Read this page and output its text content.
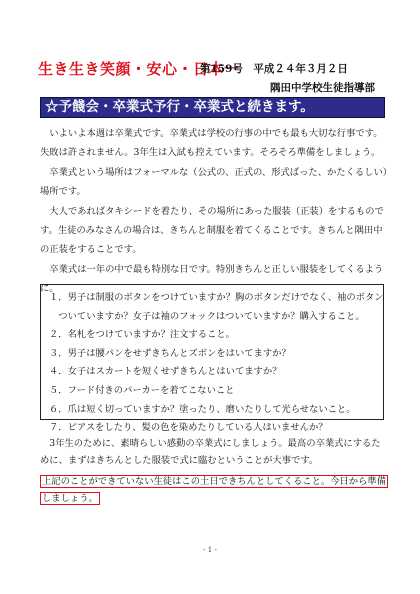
生き生き笑顔・安心・日本一
第159号　平成２４年３月２日
隅田中学校生徒指導部
☆予餞会・卒業式予行・卒業式と続きます。

いよいよ本週は卒業式です。卒業式は学校の行事の中でも最も大切な行事です。失敗は許されません。3年生は入試も控えています。そろそろ準備をしましょう。

卒業式という場所はフォーマルな（公式の、正式の、形式ばった、かたくるしい）場所です。

大人であればタキシードを着たり、その場所にあった服装（正装）をするものです。生徒のみなさんの場合は、きちんと制服を着てくることです。きちんと隅田中の正装をすることです。

卒業式は一年の中で最も特別な日です。特別きちんと正しい服装をしてくるように。

１．男子は制服のボタンをつけていますか？胸のボタンだけでなく、袖のボタン

　ついていますか？女子は袖のフォックはついていますか？購入すること。

２．名札をつけていますか？注文すること。

３．男子は腰パンをせずきちんとズボンをはいてますか？

４．女子はスカートを短くせずきちんとはいてますか？

５．フード付きのパーカーを着てこないこと

６．爪は短く切っていますか？塗ったり、磨いたりして光らせないこと。

７．ピアスをしたり、髪の色を染めたりしている人はいませんか？

3年生のために、素晴らしい感動の卒業式にしましょう。最高の卒業式にするために、まずはきちんとした服装で式に臨むということが大事です。

上記のことができていない生徒はこの土日できちんとしてくること。今日から準備しましょう。
- 1 -
